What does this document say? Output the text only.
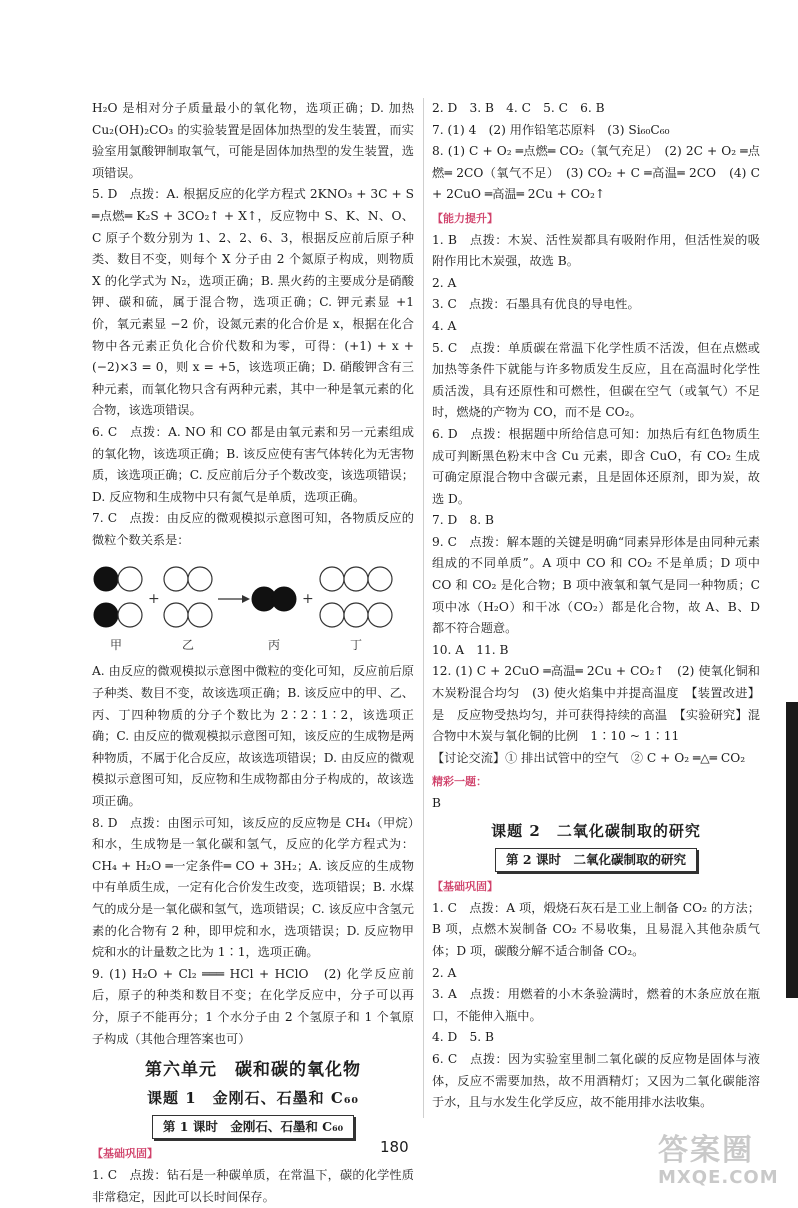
H₂O 是相对分子质量最小的氧化物，选项正确；D. 加热 Cu₂(OH)₂CO₃ 的实验装置是固体加热型的发生装置，而实验室用氯酸钾制取氧气，可能是固体加热型的发生装置，选项错误。

5. D　点拨：A. 根据反应的化学方程式 2KNO₃ + 3C + S ═点燃═ K₂S + 3CO₂↑ + X↑，反应物中 S、K、N、O、C 原子个数分别为 1、2、2、6、3，根据反应前后原子种类、数目不变，则每个 X 分子由 2 个氮原子构成，则物质 X 的化学式为 N₂，选项正确；B. 黑火药的主要成分是硝酸钾、碳和硫，属于混合物，选项正确；C. 钾元素显 +1 价，氧元素显 −2 价，设氮元素的化合价是 x，根据在化合物中各元素正负化合价代数和为零，可得：(+1) + x + (−2)×3 = 0，则 x = +5，该选项正确；D. 硝酸钾含有三种元素，而氧化物只含有两种元素，其中一种是氧元素的化合物，该选项错误。

6. C　点拨：A. NO 和 CO 都是由氧元素和另一元素组成的氧化物，该选项正确；B. 该反应使有害气体转化为无害物质，该选项正确；C. 反应前后分子个数改变，该选项错误；D. 反应物和生成物中只有氮气是单质，选项正确。

7. C　点拨：由反应的微观模拟示意图可知，各物质反应的微粒个数关系是：

+	+
甲	乙	丙	丁

A. 由反应的微观模拟示意图中微粒的变化可知，反应前后原子种类、数目不变，故该选项正确；B. 该反应中的甲、乙、丙、丁四种物质的分子个数比为 2∶2∶1∶2，该选项正确；C. 由反应的微观模拟示意图可知，该反应的生成物是两种物质，不属于化合反应，故该选项错误；D. 由反应的微观模拟示意图可知，反应物和生成物都由分子构成的，故该选项正确。

8. D　点拨：由图示可知，该反应的反应物是 CH₄（甲烷）和水，生成物是一氧化碳和氢气，反应的化学方程式为：CH₄ + H₂O ═一定条件═ CO + 3H₂；A. 该反应的生成物中有单质生成，一定有化合价发生改变，选项错误；B. 水煤气的成分是一氧化碳和氢气，选项错误；C. 该反应中含氢元素的化合物有 2 种，即甲烷和水，选项错误；D. 反应物甲烷和水的计量数之比为 1∶1，选项正确。

9. (1) H₂O + Cl₂ ═══ HCl + HClO　(2) 化学反应前后，原子的种类和数目不变；在化学反应中，分子可以再分，原子不能再分；1 个水分子由 2 个氢原子和 1 个氧原子构成（其他合理答案也可）

第六单元　碳和碳的氧化物
课题 1　金刚石、石墨和 C₆₀
第 1 课时　金刚石、石墨和 C₆₀
【基础巩固】

1. C　点拨：钻石是一种碳单质，在常温下，碳的化学性质非常稳定，因此可以长时间保存。

2. D　3. B　4. C　5. C　6. B

7. (1) 4　(2) 用作铅笔芯原料　(3) Si₆₀C₆₀

8. (1) C + O₂ ═点燃═ CO₂（氧气充足）　(2) 2C + O₂ ═点燃═ 2CO（氧气不足）　(3) CO₂ + C ═高温═ 2CO　(4) C + 2CuO ═高温═ 2Cu + CO₂↑

【能力提升】

1. B　点拨：木炭、活性炭都具有吸附作用，但活性炭的吸附作用比木炭强，故选 B。

2. A

3. C　点拨：石墨具有优良的导电性。

4. A

5. C　点拨：单质碳在常温下化学性质不活泼，但在点燃或加热等条件下就能与许多物质发生反应，且在高温时化学性质活泼，具有还原性和可燃性，但碳在空气（或氧气）不足时，燃烧的产物为 CO，而不是 CO₂。

6. D　点拨：根据题中所给信息可知：加热后有红色物质生成可判断黑色粉末中含 Cu 元素，即含 CuO，有 CO₂ 生成可确定原混合物中含碳元素，且是固体还原剂，即为炭，故选 D。

7. D　8. B

9. C　点拨：解本题的关键是明确“同素异形体是由同种元素组成的不同单质”。A 项中 CO 和 CO₂ 不是单质；D 项中 CO 和 CO₂ 是化合物；B 项中液氧和氧气是同一种物质；C 项中冰（H₂O）和干冰（CO₂）都是化合物，故 A、B、D 都不符合题意。

10. A　11. B

12. (1) C + 2CuO ═高温═ 2Cu + CO₂↑　(2) 使氧化铜和木炭粉混合均匀　(3) 使火焰集中并提高温度　【装置改进】是　反应物受热均匀，并可获得持续的高温　【实验研究】混合物中木炭与氧化铜的比例　1∶10 ~ 1∶11

【讨论交流】① 排出试管中的空气　② C + O₂ ═△═ CO₂

精彩一题：

B

课题 2　二氧化碳制取的研究
第 2 课时　二氧化碳制取的研究
【基础巩固】

1. C　点拨：A 项，煅烧石灰石是工业上制备 CO₂ 的方法；B 项，点燃木炭制备 CO₂ 不易收集，且易混入其他杂质气体；D 项，碳酸分解不适合制备 CO₂。

2. A

3. A　点拨：用燃着的小木条验满时，燃着的木条应放在瓶口，不能伸入瓶中。

4. D　5. B

6. C　点拨：因为实验室里制二氧化碳的反应物是固体与液体，反应不需要加热，故不用酒精灯；又因为二氧化碳能溶于水，且与水发生化学反应，故不能用排水法收集。

180	答案圈
MXQE.COM
